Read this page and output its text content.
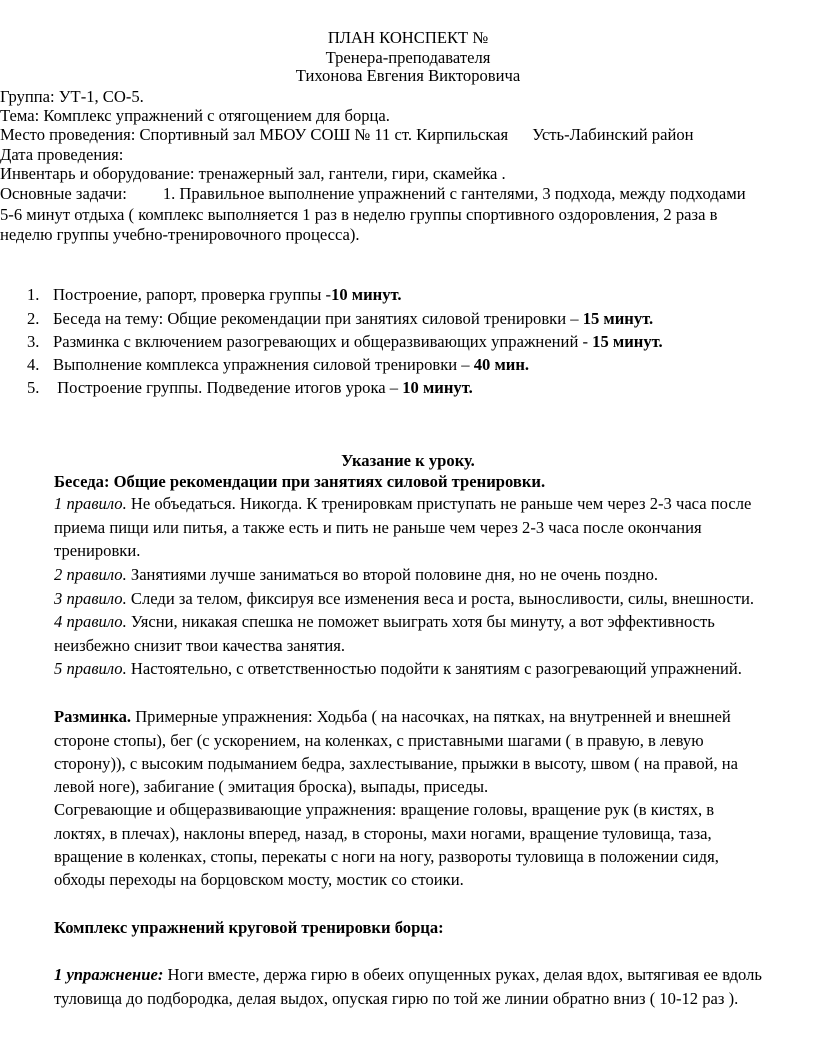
ПЛАН КОНСПЕКТ №
Тренера-преподавателя
Тихонова Евгения Викторовича
Группа: УТ-1, СО-5.
Тема: Комплекс упражнений с отягощением для борца.
Место проведения: Спортивный зал МБОУ СОШ № 11 ст. Кирпильская Усть-Лабинский район
Дата проведения:
Инвентарь и оборудование: тренажерный зал, гантели, гири, скамейка .
Основные задачи: 1. Правильное выполнение упражнений с гантелями, 3 подхода, между подходами
5-6 минут отдыха ( комплекс выполняется 1 раз в неделю группы спортивного оздоровления, 2 раза в
неделю группы учебно-тренировочного процесса).
1. Построение, рапорт, проверка группы -10 минут.
2. Беседа на тему: Общие рекомендации при занятиях силовой тренировки – 15 минут.
3. Разминка с включением разогревающих и общеразвивающих упражнений - 15 минут.
4. Выполнение комплекса упражнения силовой тренировки – 40 мин.
5. Построение группы. Подведение итогов урока – 10 минут.
Указание к уроку.
Беседа: Общие рекомендации при занятиях силовой тренировки.
1 правило. Не объедаться. Никогда. К тренировкам приступать не раньше чем через 2-3 часа после
приема пищи или питья, а также есть и пить не раньше чем через 2-3 часа после окончания
тренировки.
2 правило. Занятиями лучше заниматься во второй половине дня, но не очень поздно.
3 правило. Следи за телом, фиксируя все изменения веса и роста, выносливости, силы, внешности.
4 правило. Уясни, никакая спешка не поможет выиграть хотя бы минуту, а вот эффективность
неизбежно снизит твои качества занятия.
5 правило. Настоятельно, с ответственностью подойти к занятиям с разогревающий упражнений.
Разминка. Примерные упражнения: Ходьба ( на насочках, на пятках, на внутренней и внешней
стороне стопы), бег (с ускорением, на коленках, с приставными шагами ( в правую, в левую
сторону)), с высоким подыманием бедра, захлестывание, прыжки в высоту, швом ( на правой, на
левой ноге), забигание ( эмитация броска), выпады, приседы.
Согревающие и общеразвивающие упражнения: вращение головы, вращение рук (в кистях, в
локтях, в плечах), наклоны вперед, назад, в стороны, махи ногами, вращение туловища, таза,
вращение в коленках, стопы, перекаты с ноги на ногу, развороты туловища в положении сидя,
обходы переходы на борцовском мосту, мостик со стоики.
Комплекс упражнений круговой тренировки борца:
1 упражнение: Ноги вместе, держа гирю в обеих опущенных руках, делая вдох, вытягивая ее вдоль
туловища до подбородка, делая выдох, опуская гирю по той же линии обратно вниз ( 10-12 раз ).
